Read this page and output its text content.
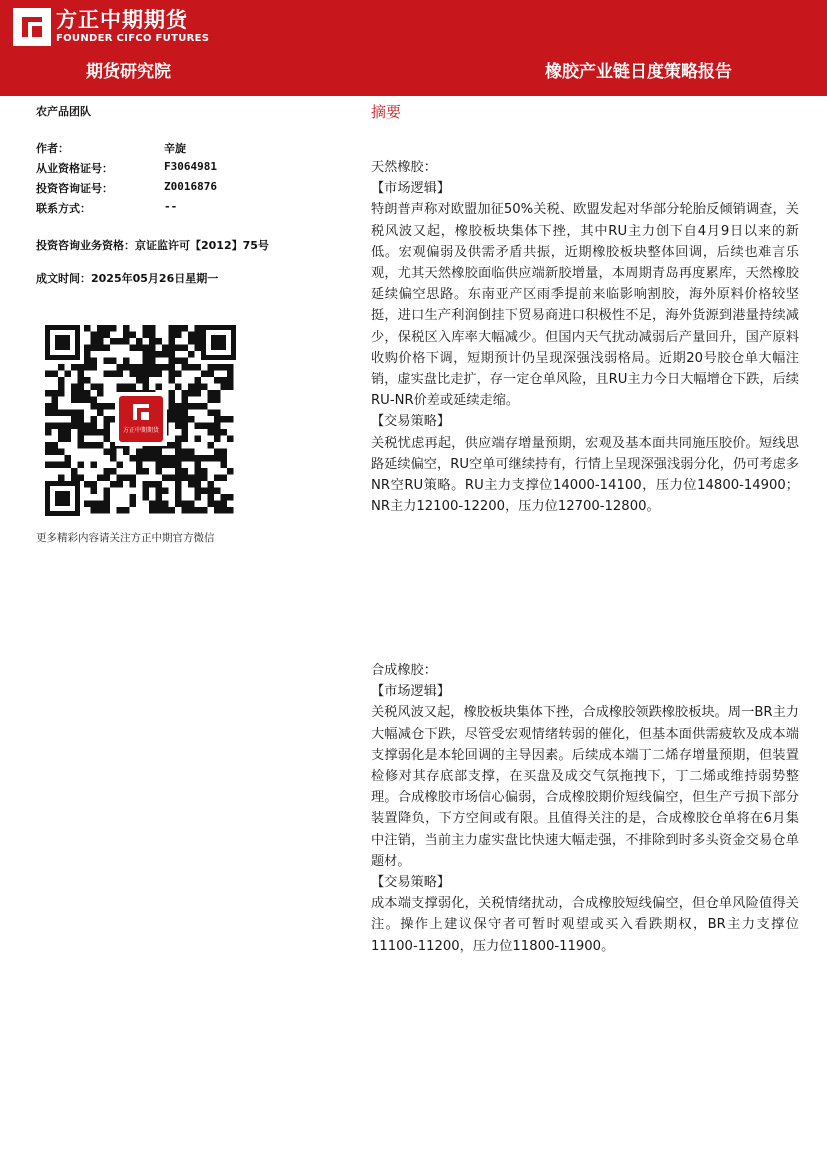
方正中期期货
FOUNDER CIFCO FUTURES
期货研究院	橡胶产业链日度策略报告
农产品团队
作者：	辛旋
从业资格证号：	F3064981
投资咨询证号：	Z0016876
联系方式：	--
投资咨询业务资格：京证监许可【2012】75号
成文时间：2025年05月26日星期一
方正中期期货
更多精彩内容请关注方正中期官方微信
摘要

天然橡胶：

【市场逻辑】

特朗普声称对欧盟加征50%关税、欧盟发起对华部分轮胎反倾销调查，关税风波又起，橡胶板块集体下挫，其中RU主力创下自4月9日以来的新低。宏观偏弱及供需矛盾共振，近期橡胶板块整体回调，后续也难言乐观，尤其天然橡胶面临供应端新胶增量，本周期青岛再度累库，天然橡胶延续偏空思路。东南亚产区雨季提前来临影响割胶，海外原料价格较坚挺，进口生产利润倒挂下贸易商进口积极性不足，海外货源到港量持续减少，保税区入库率大幅减少。但国内天气扰动减弱后产量回升，国产原料收购价格下调，短期预计仍呈现深强浅弱格局。近期20号胶仓单大幅注销，虚实盘比走扩，存一定仓单风险，且RU主力今日大幅增仓下跌，后续RU-NR价差或延续走缩。

【交易策略】

关税忧虑再起，供应端存增量预期，宏观及基本面共同施压胶价。短线思路延续偏空，RU空单可继续持有，行情上呈现深强浅弱分化，仍可考虑多NR空RU策略。RU主力支撑位14000-14100，压力位14800-14900；NR主力12100-12200，压力位12700-12800。

合成橡胶：

【市场逻辑】

关税风波又起，橡胶板块集体下挫，合成橡胶领跌橡胶板块。周一BR主力大幅减仓下跌，尽管受宏观情绪转弱的催化，但基本面供需疲软及成本端支撑弱化是本轮回调的主导因素。后续成本端丁二烯存增量预期，但装置检修对其存底部支撑，在买盘及成交气氛拖拽下，丁二烯或维持弱势整理。合成橡胶市场信心偏弱，合成橡胶期价短线偏空，但生产亏损下部分装置降负，下方空间或有限。且值得关注的是，合成橡胶仓单将在6月集中注销，当前主力虚实盘比快速大幅走强，不排除到时多头资金交易仓单题材。

【交易策略】

成本端支撑弱化，关税情绪扰动，合成橡胶短线偏空，但仓单风险值得关注。操作上建议保守者可暂时观望或买入看跌期权，BR主力支撑位11100-11200，压力位11800-11900。
